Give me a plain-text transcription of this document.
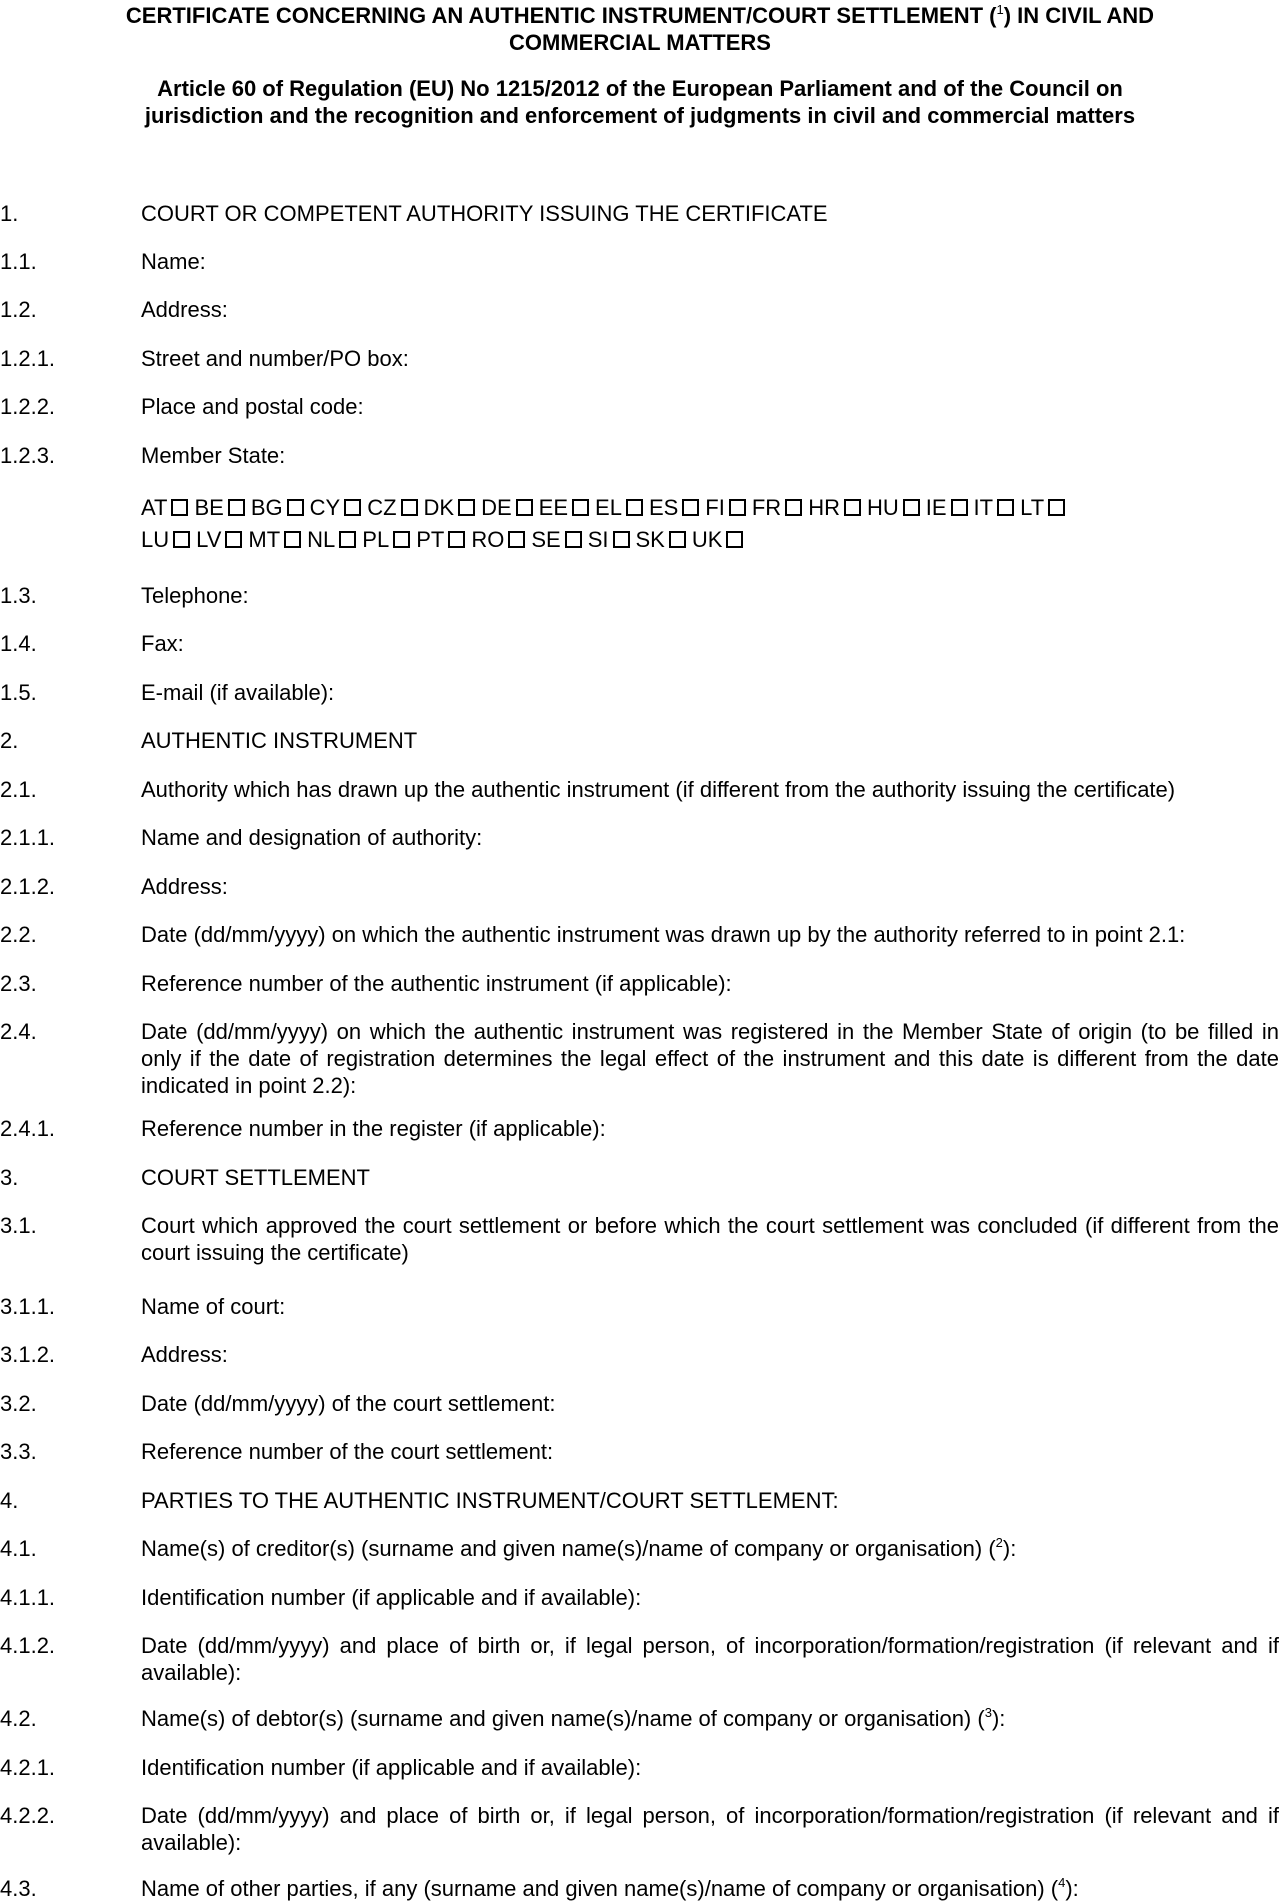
CERTIFICATE CONCERNING AN AUTHENTIC INSTRUMENT/COURT SETTLEMENT ($^1$) IN CIVIL AND
COMMERCIAL MATTERS

Article 60 of Regulation (EU) No 1215/2012 of the European Parliament and of the Council on
jurisdiction and the recognition and enforcement of judgments in civil and commercial matters

1.	COURT OR COMPETENT AUTHORITY ISSUING THE CERTIFICATE
1.1.	Name:
1.2.	Address:
1.2.1.	Street and number/PO box:
1.2.2.	Place and postal code:
1.2.3.	Member State:
1.3.	Telephone:
1.4.	Fax:
1.5.	E-mail (if available):
2.	AUTHENTIC INSTRUMENT
2.1.	Authority which has drawn up the authentic instrument (if different from the authority issuing the certificate)
2.1.1.	Name and designation of authority:
2.1.2.	Address:
2.2.	Date (dd/mm/yyyy) on which the authentic instrument was drawn up by the authority referred to in point 2.1:
2.3.	Reference number of the authentic instrument (if applicable):
2.4.	Date (dd/mm/yyyy) on which the authentic instrument was registered in the Member State of origin (to be filled in only if the date of registration determines the legal effect of the instrument and this date is different from the date indicated in point 2.2):
2.4.1.	Reference number in the register (if applicable):
3.	COURT SETTLEMENT
3.1.	Court which approved the court settlement or before which the court settlement was concluded (if different from the court issuing the certificate)
3.1.1.	Name of court:
3.1.2.	Address:
3.2.	Date (dd/mm/yyyy) of the court settlement:
3.3.	Reference number of the court settlement:
4.	PARTIES TO THE AUTHENTIC INSTRUMENT/COURT SETTLEMENT:
4.1.	Name(s) of creditor(s) (surname and given name(s)/name of company or organisation) ($^2$):
4.1.1.	Identification number (if applicable and if available):
4.1.2.	Date (dd/mm/yyyy) and place of birth or, if legal person, of incorporation/formation/registration (if relevant and if available):
4.2.	Name(s) of debtor(s) (surname and given name(s)/name of company or organisation) ($^3$):
4.2.1.	Identification number (if applicable and if available):
4.2.2.	Date (dd/mm/yyyy) and place of birth or, if legal person, of incorporation/formation/registration (if relevant and if available):
4.3.	Name of other parties, if any (surname and given name(s)/name of company or organisation) ($^4$):
AT BE BG CY CZ DK DE EE EL ES FI FR HR HU IE IT LT
LU LV MT NL PL PT RO SE SI SK UK
